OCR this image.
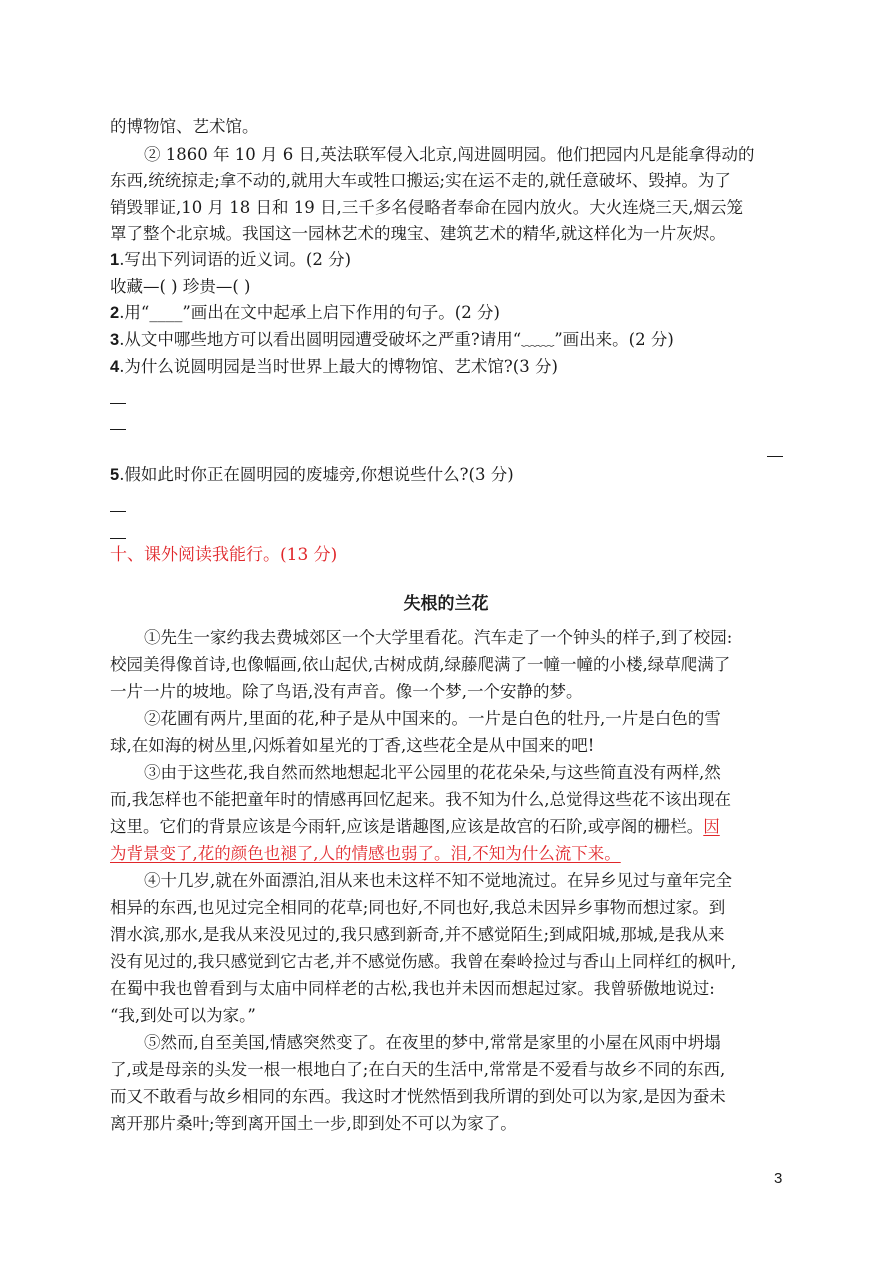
的博物馆、艺术馆。
② 1860 年 10 月 6 日,英法联军侵入北京,闯进圆明园。他们把园内凡是能拿得动的
东西,统统掠走;拿不动的,就用大车或牲口搬运;实在运不走的,就任意破坏、毁掉。为了
销毁罪证,10 月 18 日和 19 日,三千多名侵略者奉命在园内放火。大火连烧三天,烟云笼
罩了整个北京城。我国这一园林艺术的瑰宝、建筑艺术的精华,就这样化为一片灰烬。
1.写出下列词语的近义词。(2 分)
收藏—( ) 珍贵—( )
2.用“____”画出在文中起承上启下作用的句子。(2 分)
3.从文中哪些地方可以看出圆明园遭受破坏之严重?请用“﹏﹏”画出来。(2 分)
4.为什么说圆明园是当时世界上最大的博物馆、艺术馆?(3 分)
5.假如此时你正在圆明园的废墟旁,你想说些什么?(3 分)
十、课外阅读我能行。(13 分)
失根的兰花
①先生一家约我去费城郊区一个大学里看花。汽车走了一个钟头的样子,到了校园:
校园美得像首诗,也像幅画,依山起伏,古树成荫,绿藤爬满了一幢一幢的小楼,绿草爬满了
一片一片的坡地。除了鸟语,没有声音。像一个梦,一个安静的梦。
②花圃有两片,里面的花,种子是从中国来的。一片是白色的牡丹,一片是白色的雪
球,在如海的树丛里,闪烁着如星光的丁香,这些花全是从中国来的吧!
③由于这些花,我自然而然地想起北平公园里的花花朵朵,与这些简直没有两样,然
而,我怎样也不能把童年时的情感再回忆起来。我不知为什么,总觉得这些花不该出现在
这里。它们的背景应该是今雨轩,应该是谐趣图,应该是故宫的石阶,或亭阁的栅栏。因
为背景变了,花的颜色也褪了,人的情感也弱了。泪,不知为什么流下来。
④十几岁,就在外面漂泊,泪从来也未这样不知不觉地流过。在异乡见过与童年完全
相异的东西,也见过完全相同的花草;同也好,不同也好,我总未因异乡事物而想过家。到
渭水滨,那水,是我从来没见过的,我只感到新奇,并不感觉陌生;到咸阳城,那城,是我从来
没有见过的,我只感觉到它古老,并不感觉伤感。我曾在秦岭捡过与香山上同样红的枫叶,
在蜀中我也曾看到与太庙中同样老的古松,我也并未因而想起过家。我曾骄傲地说过:
“我,到处可以为家。”
⑤然而,自至美国,情感突然变了。在夜里的梦中,常常是家里的小屋在风雨中坍塌
了,或是母亲的头发一根一根地白了;在白天的生活中,常常是不爱看与故乡不同的东西,
而又不敢看与故乡相同的东西。我这时才恍然悟到我所谓的到处可以为家,是因为蚕未
离开那片桑叶;等到离开国土一步,即到处不可以为家了。
3
